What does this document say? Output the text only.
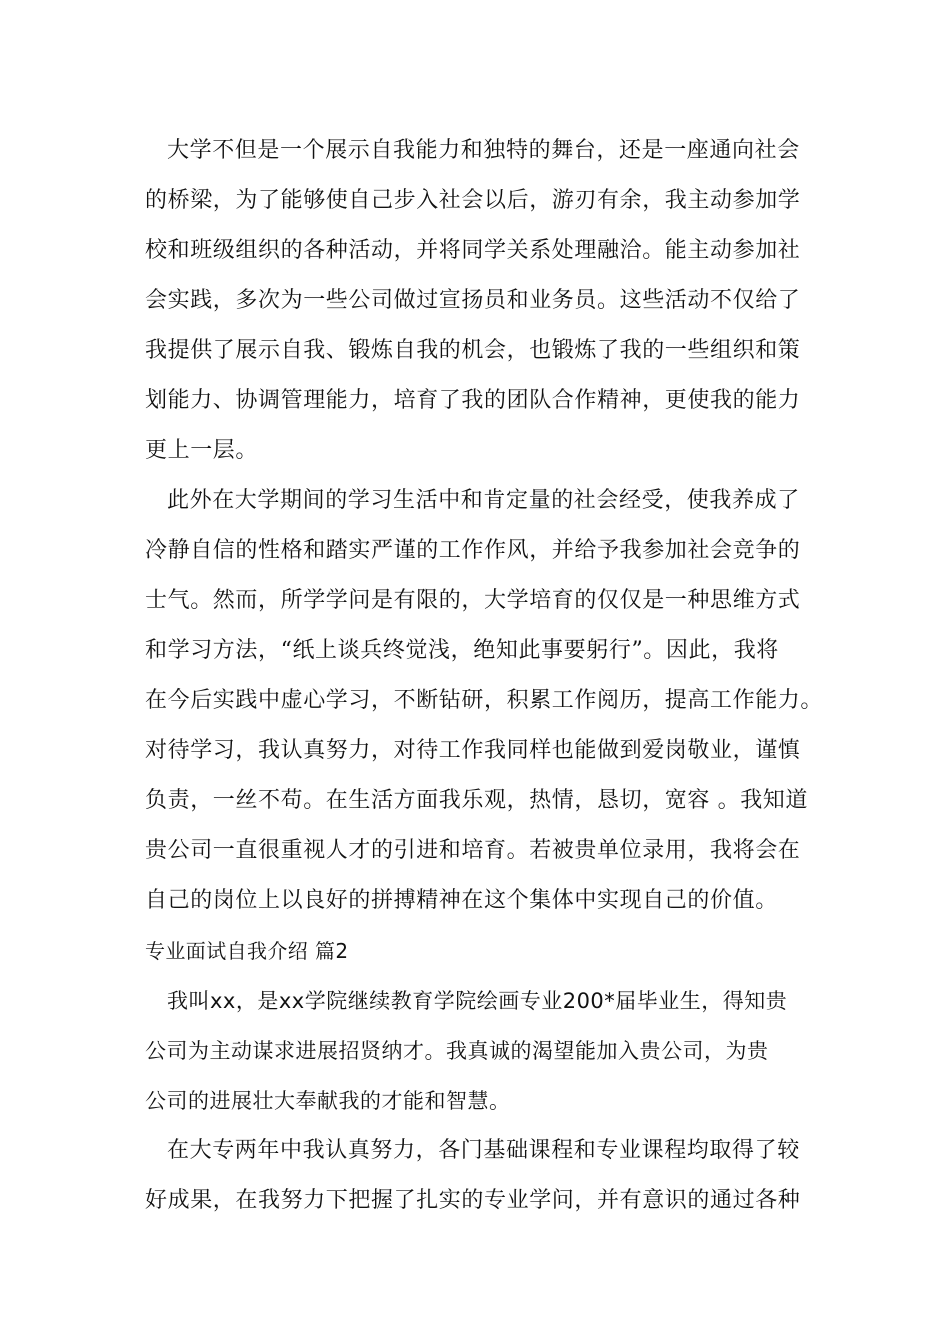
大学不但是一个展示自我能力和独特的舞台，还是一座通向社会
的桥梁，为了能够使自己步入社会以后，游刃有余，我主动参加学
校和班级组织的各种活动，并将同学关系处理融洽。能主动参加社
会实践，多次为一些公司做过宣扬员和业务员。这些活动不仅给了
我提供了展示自我、锻炼自我的机会，也锻炼了我的一些组织和策
划能力、协调管理能力，培育了我的团队合作精神，更使我的能力
更上一层。
此外在大学期间的学习生活中和肯定量的社会经受，使我养成了
冷静自信的性格和踏实严谨的工作作风，并给予我参加社会竞争的
士气。然而，所学学问是有限的，大学培育的仅仅是一种思维方式
和学习方法，“纸上谈兵终觉浅，绝知此事要躬行”。因此，我将
在今后实践中虚心学习，不断钻研，积累工作阅历，提高工作能力。
对待学习，我认真努力，对待工作我同样也能做到爱岗敬业，谨慎
负责，一丝不苟。在生活方面我乐观，热情，恳切，宽容 。我知道
贵公司一直很重视人才的引进和培育。若被贵单位录用，我将会在
自己的岗位上以良好的拼搏精神在这个集体中实现自己的价值。
专业面试自我介绍 篇2
我叫xx，是xx学院继续教育学院绘画专业200*届毕业生，得知贵
公司为主动谋求进展招贤纳才。我真诚的渴望能加入贵公司，为贵
公司的进展壮大奉献我的才能和智慧。
在大专两年中我认真努力，各门基础课程和专业课程均取得了较
好成果，在我努力下把握了扎实的专业学问，并有意识的通过各种
